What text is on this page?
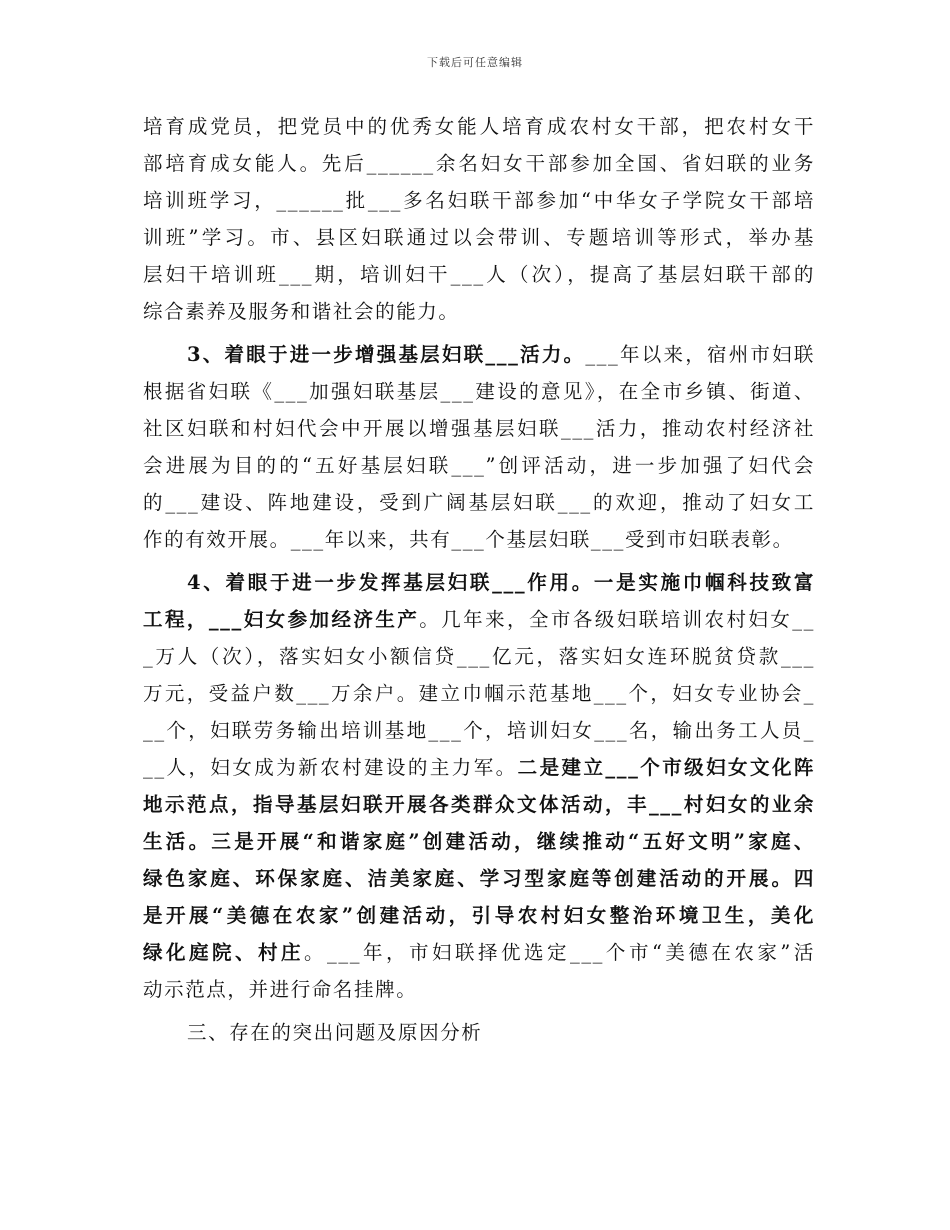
下载后可任意编辑
培育成党员，把党员中的优秀女能人培育成农村女干部，把农村女干
部培育成女能人。先后______余名妇女干部参加全国、省妇联的业务
培训班学习，______批___多名妇联干部参加“中华女子学院女干部培
训班”学习。市、县区妇联通过以会带训、专题培训等形式，举办基
层妇干培训班___期，培训妇干___人（次），提高了基层妇联干部的
综合素养及服务和谐社会的能力。
3、着眼于进一步增强基层妇联___活力。___年以来，宿州市妇联
根据省妇联《___加强妇联基层___建设的意见》，在全市乡镇、街道、
社区妇联和村妇代会中开展以增强基层妇联___活力，推动农村经济社
会进展为目的的“五好基层妇联___”创评活动，进一步加强了妇代会
的___建设、阵地建设，受到广阔基层妇联___的欢迎，推动了妇女工
作的有效开展。___年以来，共有___个基层妇联___受到市妇联表彰。
4、着眼于进一步发挥基层妇联___作用。一是实施巾帼科技致富
工程，___妇女参加经济生产。几年来，全市各级妇联培训农村妇女__
_万人（次），落实妇女小额信贷___亿元，落实妇女连环脱贫贷款___
万元，受益户数___万余户。建立巾帼示范基地___个，妇女专业协会_
__个，妇联劳务输出培训基地___个，培训妇女___名，输出务工人员_
__人，妇女成为新农村建设的主力军。二是建立___个市级妇女文化阵
地示范点，指导基层妇联开展各类群众文体活动，丰___村妇女的业余
生活。三是开展“和谐家庭”创建活动，继续推动“五好文明”家庭、
绿色家庭、环保家庭、洁美家庭、学习型家庭等创建活动的开展。四
是开展“美德在农家”创建活动，引导农村妇女整治环境卫生，美化
绿化庭院、村庄。___年，市妇联择优选定___个市“美德在农家”活
动示范点，并进行命名挂牌。
三、存在的突出问题及原因分析
